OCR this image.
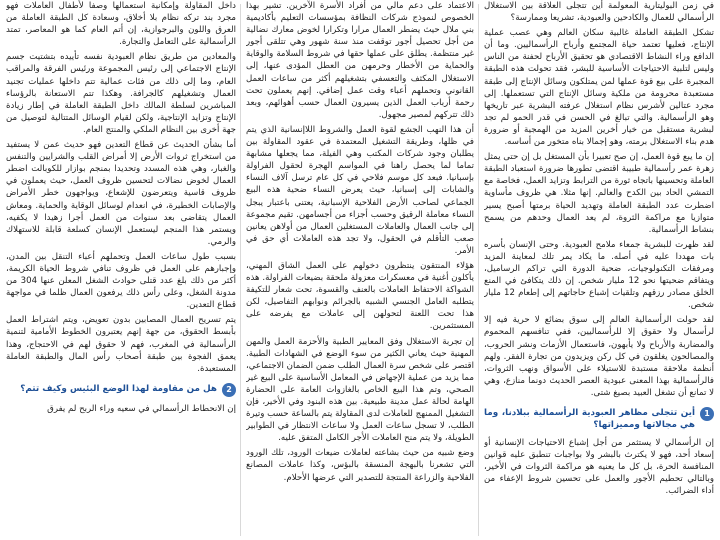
في زمن البوليتارية المعولمة أين تتجلى العلاقة بين الاستغلال الرأسمالي للعمال والكادحين والعبودية، تشريعا وممارسة؟

تشكل الطبقة العاملة غالبية سكان العالم وهي عصب عملية الإنتاج، فعليها تعتمد حياة المجتمع وأرباح الرأسماليين. وما أن الدافع وراء النشاط الاقتصادي هو تحقيق الأرباح لحفنة من الناس وليس لتلبية الاحتياجات الأساسية للبشر، فقد تحولت هذه الطبقة المجبرة على بيع قوة عملها لمن يمتلكون وسائل الإنتاج إلى طبقة مستعبدة محرومة من ملكية وسائل الإنتاج التي تستعملها. إلى مجرد عتالين لأشرس نظام استغلال عرفته البشرية عبر تاريخها وهو الرأسمالية. والتي تبالغ في الحسن في قدر الحمو لم تجد لبشرية مستقبل من خيار أخرين المزيد من الهمجية أو ضرورة هدم بناء الاستغلال برمته، وهو إجمالا بناه متخور من أساسه.

إن ما يبع قوة العمل، إن صح تعبيرا بأن المستغل بل إن حتى يمثل زهرة عمر رأسمالية طبيبة اقتضى تطورها ضرورة استعباد الطبقة العاملة وتحسينها باتجاه ثورة من الترابط وتزايد العمل، فخاصة مع التمشي الحاد بين الكدح والعالم. إنها مثلا. هي ظروف مأساوية اضطرت عدد الطبقة العاملة وتهديد الحياة برمتها أصبح يسير متوازيا مع مراكمة الثروة، لم يعد العمال وحدهم من يسمح بنشاط الرأسمالية.

لقد ظهرت للبشرية جمعاء ملامح العبودية. وحتى الإنسان بأسره بات مهددا عليه في أصله. ما يكاد يمر تلك لمعاينة المزيد ومرفقات التكنولوجيات، ضحية الدورة التي تراكم الرساميل، ويتفاقم ضحيتها نحو 12 مليار شخص. إن ذلك يتكافئ في المنع الخلق مصادر رزقهم وتلقيات إشباع حاجاتهم إلى إطعام 12 مليار شخص.

لقد حولت الرأسمالية العالم إلى سوق بضائع لا حرية فيه إلا لرأسمال ولا حقوق إلا للرأسماليين، ففي تنافسهم المحموم والمضاربة والأرباح ولا يأبهون، فاستعمال الأزمات ونشر الحروب، والمصالحون يغلقون في كل ركن ويزيدون من تجارة الفقر. ولهم أنظمة ملاحقة مستبدة للاستيلاء على الأسواق ونهب الثروات، فالرأسمالية بهذا المعنى عبودية العصر الحديث دونما منازع، وهي لا تمانع أن تشغل العبيد بصيغ شتى.

1
أين تتجلى مظاهر العبودية الرأسمالية ببلادنا، وما هي مجالاتها ومميزاتها؟

إن الرأسمالي لا يستثمر من أجل إشباع الاحتياجات الإنسانية أو إسعاد أحد، فهو لا يكترث بالبشر ولا بواجبات تنطبق عليه قوانين المنافسة الحرة، بل كل ما يعنيه هو مراكمة الثروات في الأخير، وبالتالي تحطيم الأجور والعمل على تحسين شروط الإعفاء من أداء الضرائب.

الاعتماد على دعم مالي من أفراد الأسرة الآخرين. تشير بهذا الخصوص لنموذج شركات النظافة بمؤسسات التعليم بأكاديمية بني ملال حيث يضطر العمال مرارا وتكرارا لخوض معارك نضالية من أجل تحصيل أجور توقفت منذ سنة شهور وهي تتلقى أجور غير منتظمة. يطلق على عملها حقها في شروط السلامة والوقاية والحماية من الأخطار وحرمهن من العطل المؤدى عنها، إلى الاستغلال المكثف والتعسفي بتشغيلهم أكثر من ساعات العمل القانوني وتحملهم أعباء وقت عمل إضافي. إنهم يعملون تحت رحمة أرباب العمل الذين يسيرون العمال حسب أهوائهم، وبعد ذلك تتركهم لمصير مجهول.

أن هذا النهب الجشع لقوة العمل والشروط اللاإنسانية الذي يتم في ظلها، وطريقة التشغيل المعتمدة في عقود المقاولة بين يطلبان وجود شركات المكتب وهي الفيلة، مما يجعلها مشابهة تماما لما يحصل راهنا في المواسم الهجرة لحقول الفراولة بإسبانيا. فبعد كل موسم فلاحي في كل عام ترسل آلاف النساء والشابات إلى إسبانيا، حيث يعرض النساء ضحية هذه البيع الجماعي لصاحب الأرض الفلاحية الإسبانية، يعتنى باعتبار يبجل النساء معاملة الرقيق وحسب أجزاء من أجسامهن. تقيم مجموعة إلى جانب العمال والعاملات المستغلين العمال من أولاهن يعانين صعب التأقلم في الحقول، ولا تجد هذه العاملات أي حق في الأمر.

هؤلاء المنتقون ينتظرون دخولهم على العمل الشاق المهني، يأكلون أغنية في معسكرات معزولة ملحقة بضيعات الفراولة. هذه الشواكة الاحتفاظ العاملات بالعنف والقسوة، تحت شعار للتكيفة يتطلبه العامل الجنسي الشبيه بالجرائم ونوابهم التفاصيل، لكن هذا تحت اللعنة لتحولهن إلى عاملات مع يفرضه على المستثمرين.

إن تجربة الاستغلال وفق المعايير الطبية والأحزمة العمل والمهن المهنية حيث يعاني الكثير من سوء الوضع في الشهادات الطبية. اقتصر على شخص سرة العمال الطلب ضمن الضمان الاجتماعي، مما يزيد من عملية الإجهاض في المعامل الأساسية على البيع غير الصحي، وتم هذا البيع الخاص بالغازوات العامة على الحضارة الهامة لحالة عمل مدينة طبيعية. بين هذه البنود وفي الأخير، فإن التشغيل الممنهج للعاملات لدى المقاولة يتم بالساعة حسب وتيرة الطلب، لا تسجل ساعات العمل ولا ساعات الانتظار في الطوابير الطويلة، ولا يتم منح العاملات الأجر الكامل المتفق عليه.

وضع شبيه من حيث بشاعته لعاملات ضيعات الورود، تلك الورود التي تشعرنا بالبهجة المنسقة بالبؤس، وكذا عاملات المصانع الفلاحية والزراعة المنتجة للتصدير التي عرضها الأحلام.

داخل المقاولة وإمكانية استعمالها وصفا لأطفال العاملات فهو مجرد بند تركه نظام بلا أخلاق، وسعادة كل الطبقة العاملة من العرق واللون والبرجوازية، إن أتم العام كما هو المعاصر، تمتد الرأسمالية على التعامل والتجارة.

والمعادين من طريق نظام العبودية نفسه تأييده بتشتيت جسم الإنتاج الاجتماعي إلى رئيس المجموعة ورئيس الفرقة والمراقب العام، وما إلى ذلك من فئات عمالية تتم داخلها عمليات تجنيد العمال وتشغيلهم كالجرافة. وهكذا تتم الاستعانة بالرؤساء المباشرين لسلطة المالك داخل الطبقة العاملة في إطار زيادة الإنتاج وتزايد الإنتاجية، ولكن لقيام الوسائل المتتالية لتوصيل من جهة أخرى بين النظام الملكي والمنتج العام.

أما بشأن الحديث عن قطاع التعدين فهو حديث عمن لا يستفيد من استخراج ثروات الأرض إلا أمراض القلب والشرايين والتنفس والغبار، وهي هذه المسدد وتحديدا بمنجم بوازار للكوبالت اضطر العمال لخوض نضالات لتحسين ظروف العمل، حيث يعملون في ظروف قاسية ويتعرضون للإشعاع، ويواجهون خطر الأمراض والإصابات الخطيرة، في انعدام لوسائل الوقاية والحماية. ومعاش العمال يتقاضى بعد سنوات من العمل أجرا زهيدا لا يكفيه، ويستمر هذا المنجم ليستعمل الإنسان كسلعة قابلة للاستهلاك والرمي.

بسبب طول ساعات العمل وتحملهم أعباء التنقل بين المدن، وإجبارهم على العمل في ظروف تنافي شروط الحياة الكريمة، أكثر من ذلك بلغ عدد قتلى حوادث الشغل المعلن عنها 304 من مدونة الشغل، وعلى رأس ذلك يرفعون العمال ظلما في مواجهة قطاع التعدين.

يتم تسريح العمال المصابين بدون تعويض، ويتم اشتراط العمل بأبسط الحقوق، من جهة إنهم يعتبرون الخطوط الأمامية لتنمية الرأسمالية في المغرب، فهم لا حقوق لهم في الاحتجاج، وهذا يعمق الفجوة بين طبقة أصحاب رأس المال والطبقة العاملة المستعبدة.

2
هل من مقاومة لهذا الوضع البئيس وكيف تتم؟

إن الانحطاط الرأسمالي في سعيه وراء الربح لم يفرق
